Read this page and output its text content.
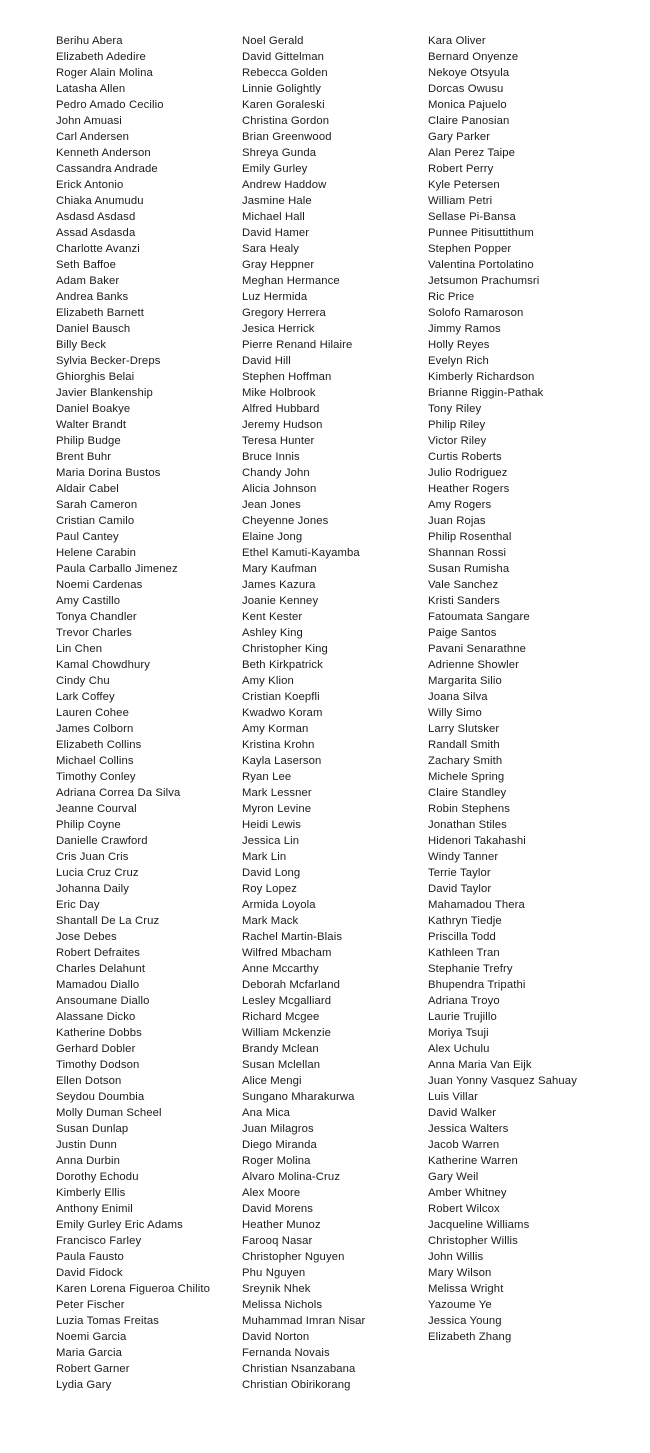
Berihu Abera
Elizabeth Adedire
Roger Alain Molina
Latasha Allen
Pedro Amado Cecilio
John Amuasi
Carl Andersen
Kenneth Anderson
Cassandra Andrade
Erick Antonio
Chiaka Anumudu
Asdasd Asdasd
Assad Asdasda
Charlotte Avanzi
Seth Baffoe
Adam Baker
Andrea Banks
Elizabeth Barnett
Daniel Bausch
Billy Beck
Sylvia Becker-Dreps
Ghiorghis Belai
Javier Blankenship
Daniel Boakye
Walter Brandt
Philip Budge
Brent Buhr
Maria Dorina Bustos
Aldair Cabel
Sarah Cameron
Cristian Camilo
Paul Cantey
Helene Carabin
Paula Carballo Jimenez
Noemi Cardenas
Amy Castillo
Tonya Chandler
Trevor Charles
Lin Chen
Kamal Chowdhury
Cindy Chu
Lark Coffey
Lauren Cohee
James Colborn
Elizabeth Collins
Michael Collins
Timothy Conley
Adriana Correa Da Silva
Jeanne Courval
Philip Coyne
Danielle Crawford
Cris Juan Cris
Lucia Cruz Cruz
Johanna Daily
Eric Day
Shantall De La Cruz
Jose Debes
Robert Defraites
Charles Delahunt
Mamadou Diallo
Ansoumane Diallo
Alassane Dicko
Katherine Dobbs
Gerhard Dobler
Timothy Dodson
Ellen Dotson
Seydou Doumbia
Molly Duman Scheel
Susan Dunlap
Justin Dunn
Anna Durbin
Dorothy Echodu
Kimberly Ellis
Anthony Enimil
Emily Gurley Eric Adams
Francisco Farley
Paula Fausto
David Fidock
Karen Lorena Figueroa Chilito
Peter Fischer
Luzia Tomas Freitas
Noemi Garcia
Maria Garcia
Robert Garner
Lydia Gary
Noel Gerald
David Gittelman
Rebecca Golden
Linnie Golightly
Karen Goraleski
Christina Gordon
Brian Greenwood
Shreya Gunda
Emily Gurley
Andrew Haddow
Jasmine Hale
Michael Hall
David Hamer
Sara Healy
Gray Heppner
Meghan Hermance
Luz Hermida
Gregory Herrera
Jesica Herrick
Pierre Renand Hilaire
David Hill
Stephen Hoffman
Mike Holbrook
Alfred Hubbard
Jeremy Hudson
Teresa Hunter
Bruce Innis
Chandy John
Alicia Johnson
Jean Jones
Cheyenne Jones
Elaine Jong
Ethel Kamuti-Kayamba
Mary Kaufman
James Kazura
Joanie Kenney
Kent Kester
Ashley King
Christopher King
Beth Kirkpatrick
Amy Klion
Cristian Koepfli
Kwadwo Koram
Amy Korman
Kristina Krohn
Kayla Laserson
Ryan Lee
Mark Lessner
Myron Levine
Heidi Lewis
Jessica Lin
Mark Lin
David Long
Roy Lopez
Armida Loyola
Mark Mack
Rachel Martin-Blais
Wilfred Mbacham
Anne Mccarthy
Deborah Mcfarland
Lesley Mcgalliard
Richard Mcgee
William Mckenzie
Brandy Mclean
Susan Mclellan
Alice Mengi
Sungano Mharakurwa
Ana Mica
Juan Milagros
Diego Miranda
Roger Molina
Alvaro Molina-Cruz
Alex Moore
David Morens
Heather Munoz
Farooq Nasar
Christopher Nguyen
Phu Nguyen
Sreynik Nhek
Melissa Nichols
Muhammad Imran Nisar
David Norton
Fernanda Novais
Christian Nsanzabana
Christian Obirikorang
Kara Oliver
Bernard Onyenze
Nekoye Otsyula
Dorcas Owusu
Monica Pajuelo
Claire Panosian
Gary Parker
Alan Perez Taipe
Robert Perry
Kyle Petersen
William Petri
Sellase Pi-Bansa
Punnee Pitisuttithum
Stephen Popper
Valentina Portolatino
Jetsumon Prachumsri
Ric Price
Solofo Ramaroson
Jimmy Ramos
Holly Reyes
Evelyn Rich
Kimberly Richardson
Brianne Riggin-Pathak
Tony Riley
Philip Riley
Victor Riley
Curtis Roberts
Julio Rodriguez
Heather Rogers
Amy Rogers
Juan Rojas
Philip Rosenthal
Shannan Rossi
Susan Rumisha
Vale Sanchez
Kristi Sanders
Fatoumata Sangare
Paige Santos
Pavani Senarathne
Adrienne Showler
Margarita Silio
Joana Silva
Willy Simo
Larry Slutsker
Randall Smith
Zachary Smith
Michele Spring
Claire Standley
Robin Stephens
Jonathan Stiles
Hidenori Takahashi
Windy Tanner
Terrie Taylor
David Taylor
Mahamadou Thera
Kathryn Tiedje
Priscilla Todd
Kathleen Tran
Stephanie Trefry
Bhupendra Tripathi
Adriana Troyo
Laurie Trujillo
Moriya Tsuji
Alex Uchulu
Anna Maria Van Eijk
Juan Yonny Vasquez Sahuay
Luis Villar
David Walker
Jessica Walters
Jacob Warren
Katherine Warren
Gary Weil
Amber Whitney
Robert Wilcox
Jacqueline Williams
Christopher Willis
John Willis
Mary Wilson
Melissa Wright
Yazoume Ye
Jessica Young
Elizabeth Zhang
